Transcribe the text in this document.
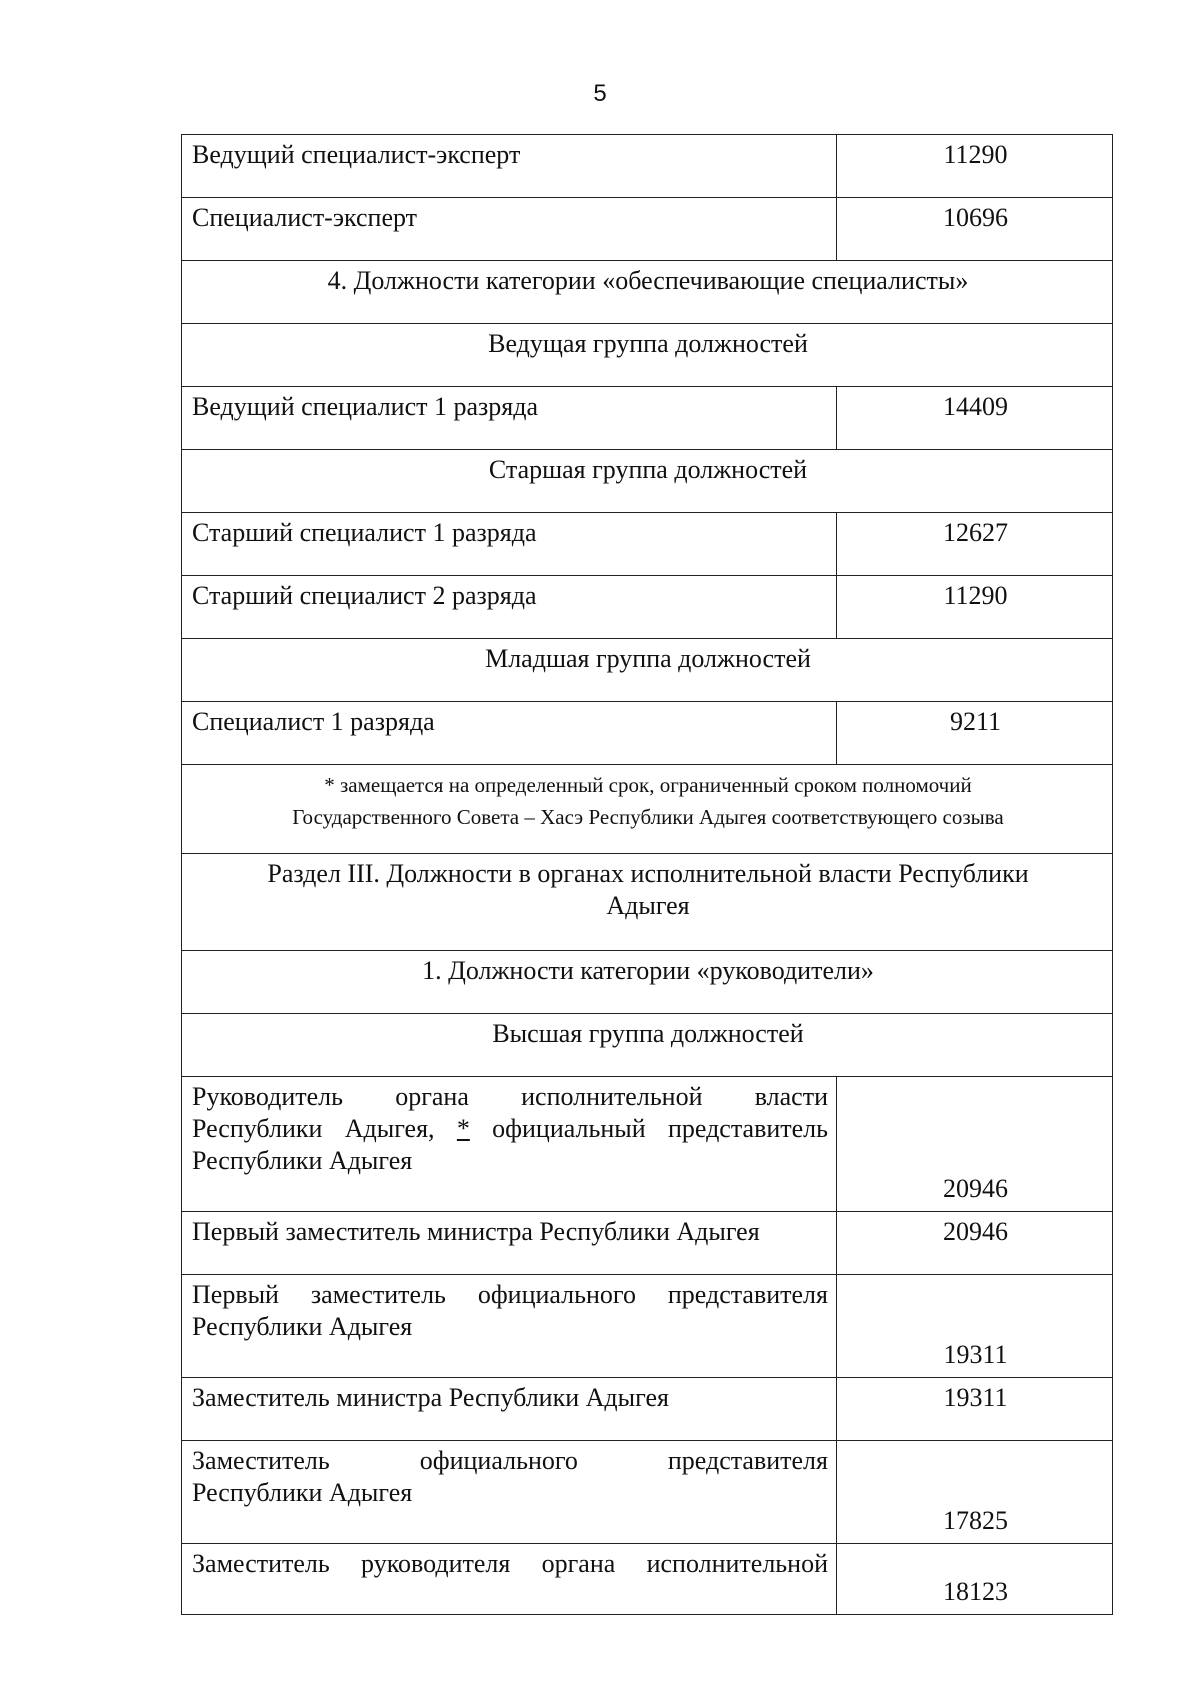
5
Ведущий специалист-эксперт	11290
Специалист-эксперт	10696
4. Должности категории «обеспечивающие специалисты»	
Ведущая группа должностей	
Ведущий специалист 1 разряда	14409
Старшая группа должностей	
Старший специалист 1 разряда	12627
Старший специалист 2 разряда	11290
Младшая группа должностей	
Специалист 1 разряда	9211
* замещается на определенный срок, ограниченный сроком полномочий
Государственного Совета – Хасэ Республики Адыгея соответствующего созыва	
Раздел III. Должности в органах исполнительной власти Республики
Адыгея	
1. Должности категории «руководители»	
Высшая группа должностей	

Руководитель органа исполнительной власти
Республики Адыгея, * официальный представитель
Республики Адыгея	20946
Первый заместитель министра Республики Адыгея	20946

Первый заместитель официального представителя
Республики Адыгея	19311
Заместитель министра Республики Адыгея	19311

Заместитель официального представителя
Республики Адыгея	17825

Заместитель руководителя органа исполнительной	18123
